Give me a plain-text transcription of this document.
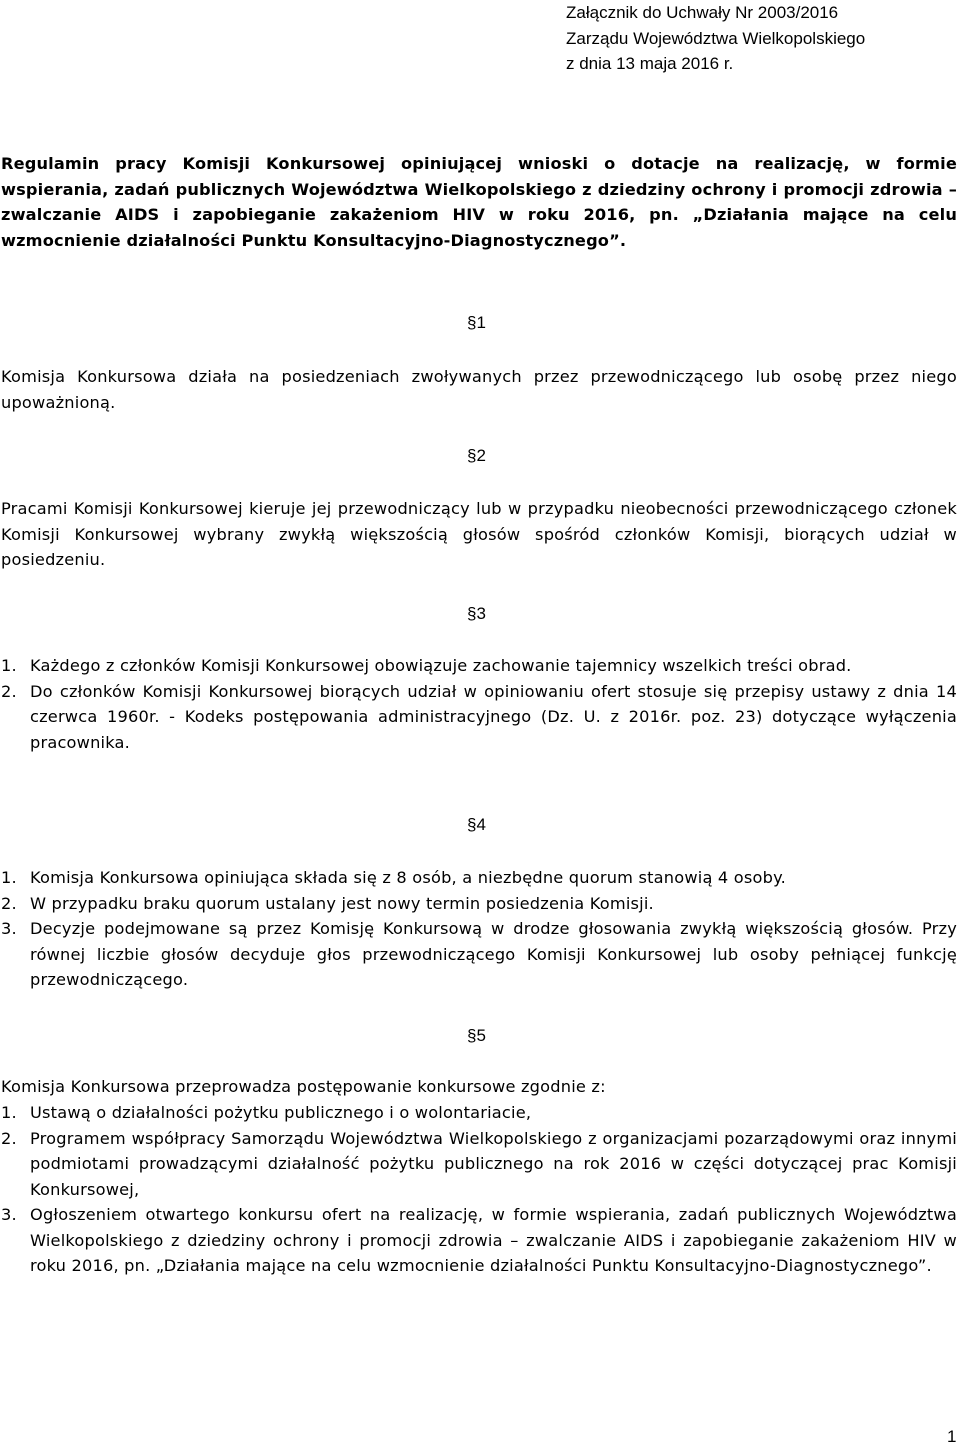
Załącznik do Uchwały Nr 2003/2016
Zarządu Województwa Wielkopolskiego
z dnia 13 maja 2016 r.
Regulamin pracy Komisji Konkursowej opiniującej wnioski o dotacje na realizację, w formie wspierania, zadań publicznych Województwa Wielkopolskiego z dziedziny ochrony i promocji zdrowia – zwalczanie AIDS i zapobieganie zakażeniom HIV w roku 2016, pn. „Działania mające na celu wzmocnienie działalności Punktu Konsultacyjno-Diagnostycznego”.
§1
Komisja Konkursowa działa na posiedzeniach zwoływanych przez przewodniczącego lub osobę przez niego upoważnioną.
§2
Pracami Komisji Konkursowej kieruje jej przewodniczący lub w przypadku nieobecności przewodniczącego członek Komisji Konkursowej wybrany zwykłą większością głosów spośród członków Komisji, biorących udział w posiedzeniu.
§3
1. Każdego z członków Komisji Konkursowej obowiązuje zachowanie tajemnicy wszelkich treści obrad.
2. Do członków Komisji Konkursowej biorących udział w opiniowaniu ofert stosuje się przepisy ustawy z dnia 14 czerwca 1960r. - Kodeks postępowania administracyjnego (Dz. U. z 2016r. poz. 23) dotyczące wyłączenia pracownika.
§4
1. Komisja Konkursowa opiniująca składa się z 8 osób, a niezbędne quorum stanowią 4 osoby.
2. W przypadku braku quorum ustalany jest nowy termin posiedzenia Komisji.
3. Decyzje podejmowane są przez Komisję Konkursową w drodze głosowania zwykłą większością głosów. Przy równej liczbie głosów decyduje głos przewodniczącego Komisji Konkursowej lub osoby pełniącej funkcję przewodniczącego.
§5
Komisja Konkursowa przeprowadza postępowanie konkursowe zgodnie z:
1. Ustawą o działalności pożytku publicznego i o wolontariacie,
2. Programem współpracy Samorządu Województwa Wielkopolskiego z organizacjami pozarządowymi oraz innymi podmiotami prowadzącymi działalność pożytku publicznego na rok 2016 w części dotyczącej prac Komisji Konkursowej,
3. Ogłoszeniem otwartego konkursu ofert na realizację, w formie wspierania, zadań publicznych Województwa Wielkopolskiego z dziedziny ochrony i promocji zdrowia – zwalczanie AIDS i zapobieganie zakażeniom HIV w roku 2016, pn. „Działania mające na celu wzmocnienie działalności Punktu Konsultacyjno-Diagnostycznego”.
1
